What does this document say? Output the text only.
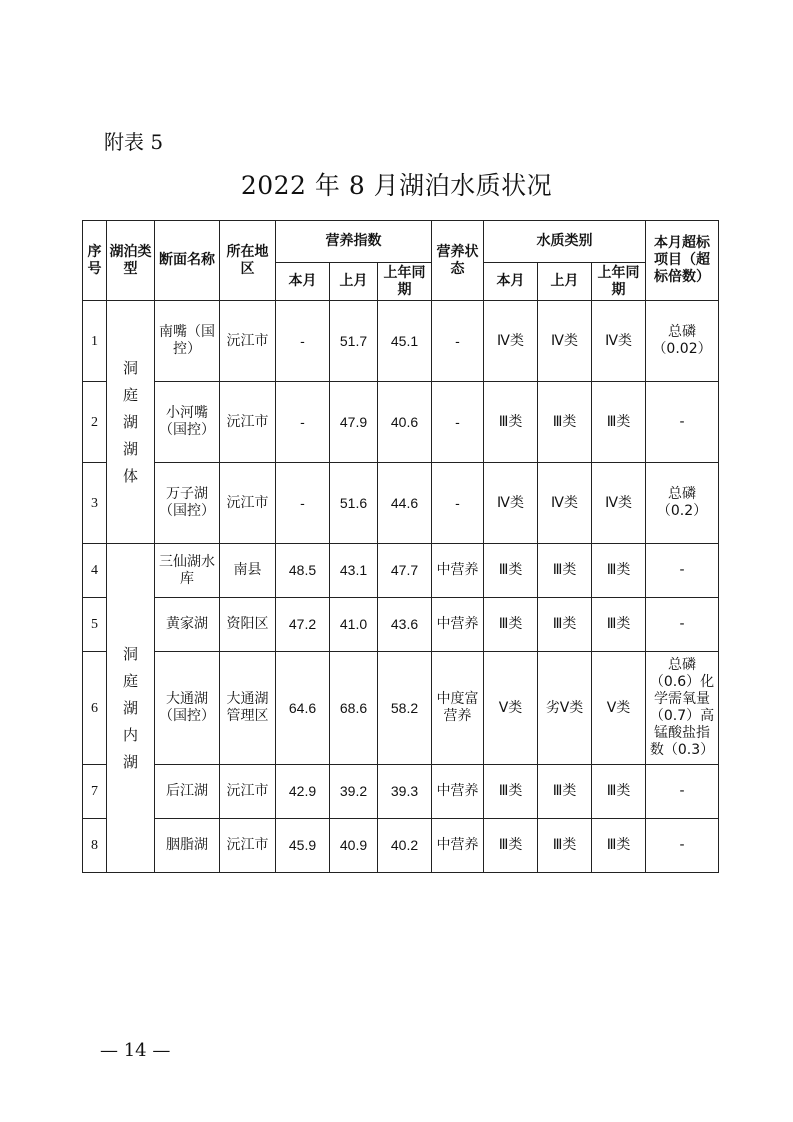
附表 5
2022 年 8 月湖泊水质状况
序号	湖泊类型	断面名称	所在地区	营养指数			营养状态	水质类别			本月超标项目（超标倍数）
				本月	上月	上年同期		本月	上月	上年同期	
1	洞庭湖湖体	南嘴（国控）	沅江市	-	51.7	45.1	-	Ⅳ类	Ⅳ类	Ⅳ类	总磷（0.02）
2		小河嘴（国控）	沅江市	-	47.9	40.6	-	Ⅲ类	Ⅲ类	Ⅲ类	-
3		万子湖（国控）	沅江市	-	51.6	44.6	-	Ⅳ类	Ⅳ类	Ⅳ类	总磷（0.2）
4	洞庭湖内湖	三仙湖水库	南县	48.5	43.1	47.7	中营养	Ⅲ类	Ⅲ类	Ⅲ类	-
5		黄家湖	资阳区	47.2	41.0	43.6	中营养	Ⅲ类	Ⅲ类	Ⅲ类	-
6		大通湖（国控）	大通湖管理区	64.6	68.6	58.2	中度富营养	Ⅴ类	劣Ⅴ类	Ⅴ类	总磷（0.6）化学需氧量（0.7）高锰酸盐指数（0.3）
7		后江湖	沅江市	42.9	39.2	39.3	中营养	Ⅲ类	Ⅲ类	Ⅲ类	-
8		胭脂湖	沅江市	45.9	40.9	40.2	中营养	Ⅲ类	Ⅲ类	Ⅲ类	-
— 14 —
